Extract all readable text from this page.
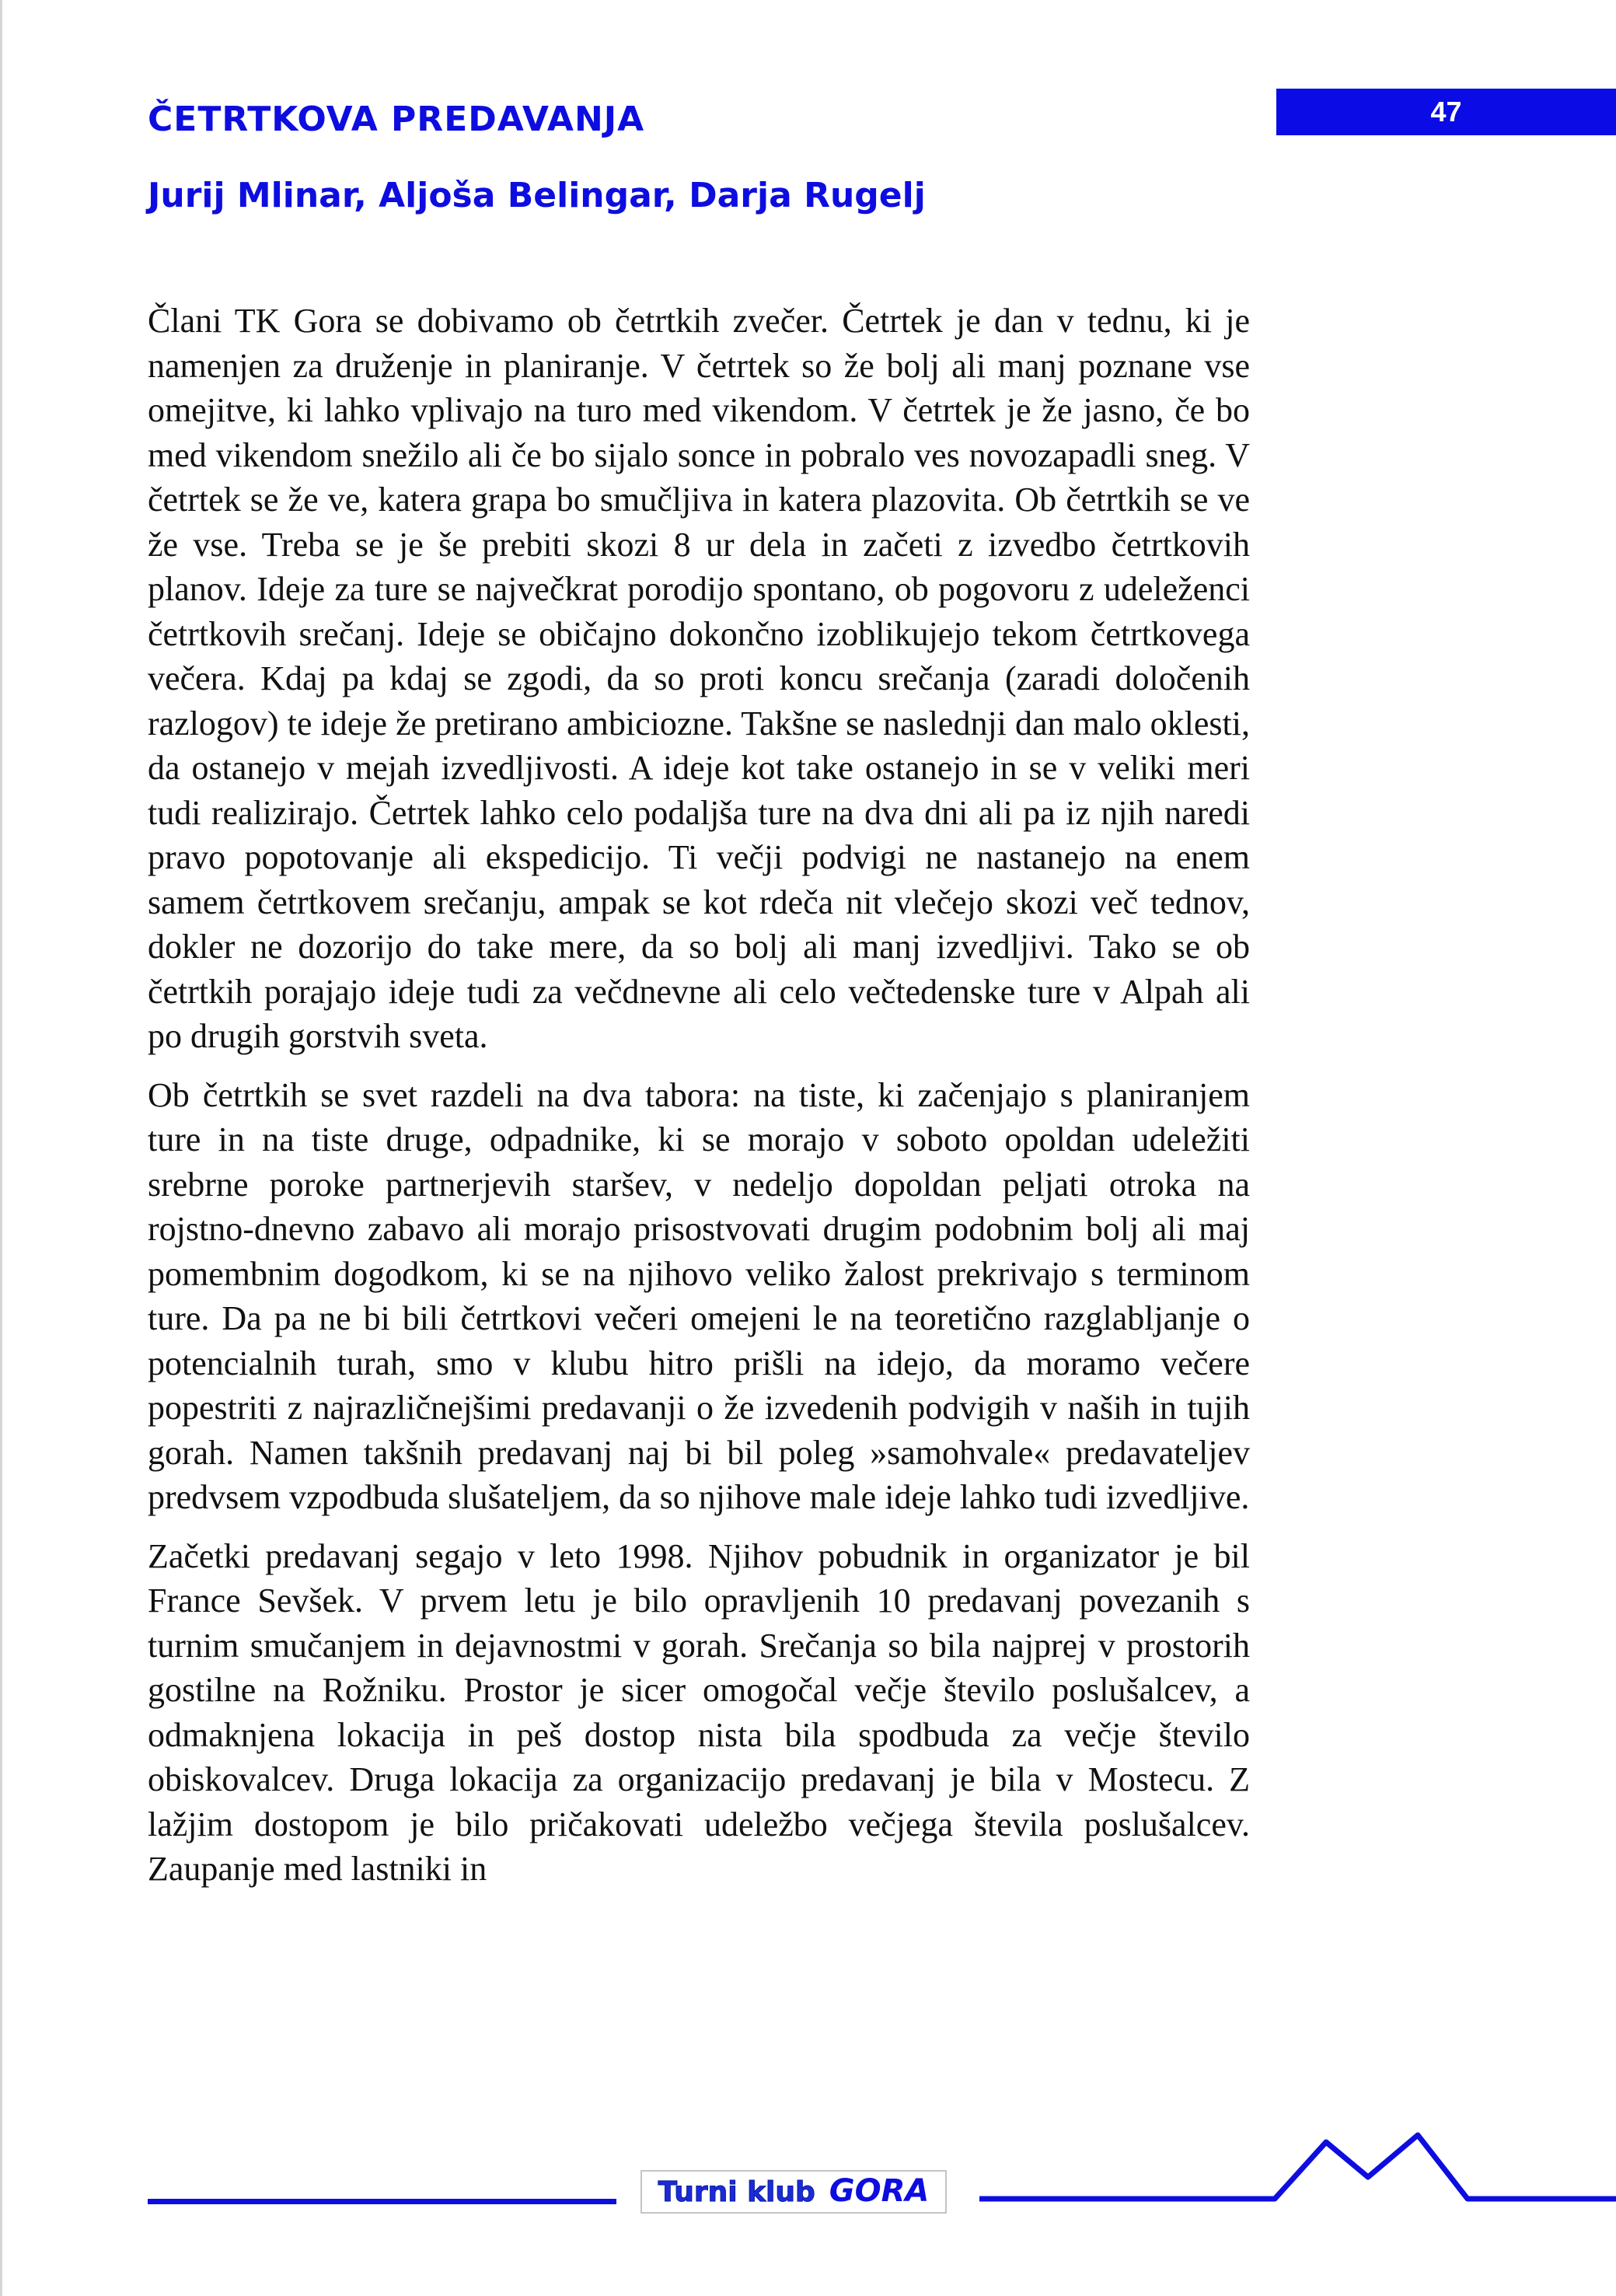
47
ČETRTKOVA PREDAVANJA
Jurij Mlinar, Aljoša Belingar, Darja Rugelj

Člani TK Gora se dobivamo ob četrtkih zvečer. Četrtek je dan v tednu, ki je namenjen za druženje in planiranje. V četrtek so že bolj ali manj poznane vse omejitve, ki lahko vplivajo na turo med vikendom. V četrtek je že jasno, če bo med vikendom snežilo ali če bo sijalo sonce in pobralo ves novozapadli sneg. V četrtek se že ve, katera grapa bo smučljiva in katera plazovita. Ob četrtkih se ve že vse. Treba se je še prebiti skozi 8 ur dela in začeti z izvedbo četrtkovih planov. Ideje za ture se največkrat porodijo spontano, ob pogovoru z udeleženci četrtkovih srečanj. Ideje se običajno dokončno izoblikujejo tekom četrtkovega večera. Kdaj pa kdaj se zgodi, da so proti koncu srečanja (zaradi določenih razlogov) te ideje že pretirano ambiciozne. Takšne se naslednji dan malo oklesti, da ostanejo v mejah izvedljivosti. A ideje kot take ostanejo in se v veliki meri tudi realizirajo. Četrtek lahko celo podaljša ture na dva dni ali pa iz njih naredi pravo popotovanje ali ekspedicijo. Ti večji podvigi ne nastanejo na enem samem četrtkovem srečanju, ampak se kot rdeča nit vlečejo skozi več tednov, dokler ne dozorijo do take mere, da so bolj ali manj izvedljivi. Tako se ob četrtkih porajajo ideje tudi za večdnevne ali celo večtedenske ture v Alpah ali po drugih gorstvih sveta.

Ob četrtkih se svet razdeli na dva tabora: na tiste, ki začenjajo s planiranjem ture in na tiste druge, odpadnike, ki se morajo v soboto opoldan udeležiti srebrne poroke partnerjevih staršev, v nedeljo dopoldan peljati otroka na rojstno-dnevno zabavo ali morajo prisostvovati drugim podobnim bolj ali maj pomembnim dogodkom, ki se na njihovo veliko žalost prekrivajo s terminom ture. Da pa ne bi bili četrtkovi večeri omejeni le na teoretično razglabljanje o potencialnih turah, smo v klubu hitro prišli na idejo, da moramo večere popestriti z najrazličnejšimi predavanji o že izvedenih podvigih v naših in tujih gorah. Namen takšnih predavanj naj bi bil poleg »samohvale« predavateljev predvsem vzpodbuda slušateljem, da so njihove male ideje lahko tudi izvedljive.

Začetki predavanj segajo v leto 1998. Njihov pobudnik in organizator je bil France Sevšek. V prvem letu je bilo opravljenih 10 predavanj povezanih s turnim smučanjem in dejavnostmi v gorah. Srečanja so bila najprej v prostorih gostilne na Rožniku. Prostor je sicer omogočal večje število poslušalcev, a odmaknjena lokacija in peš dostop nista bila spodbuda za večje število obiskovalcev. Druga lokacija za organizacijo predavanj je bila v Mostecu. Z lažjim dostopom je bilo pričakovati udeležbo večjega števila poslušalcev. Zaupanje med lastniki in

Turni klub GORA
